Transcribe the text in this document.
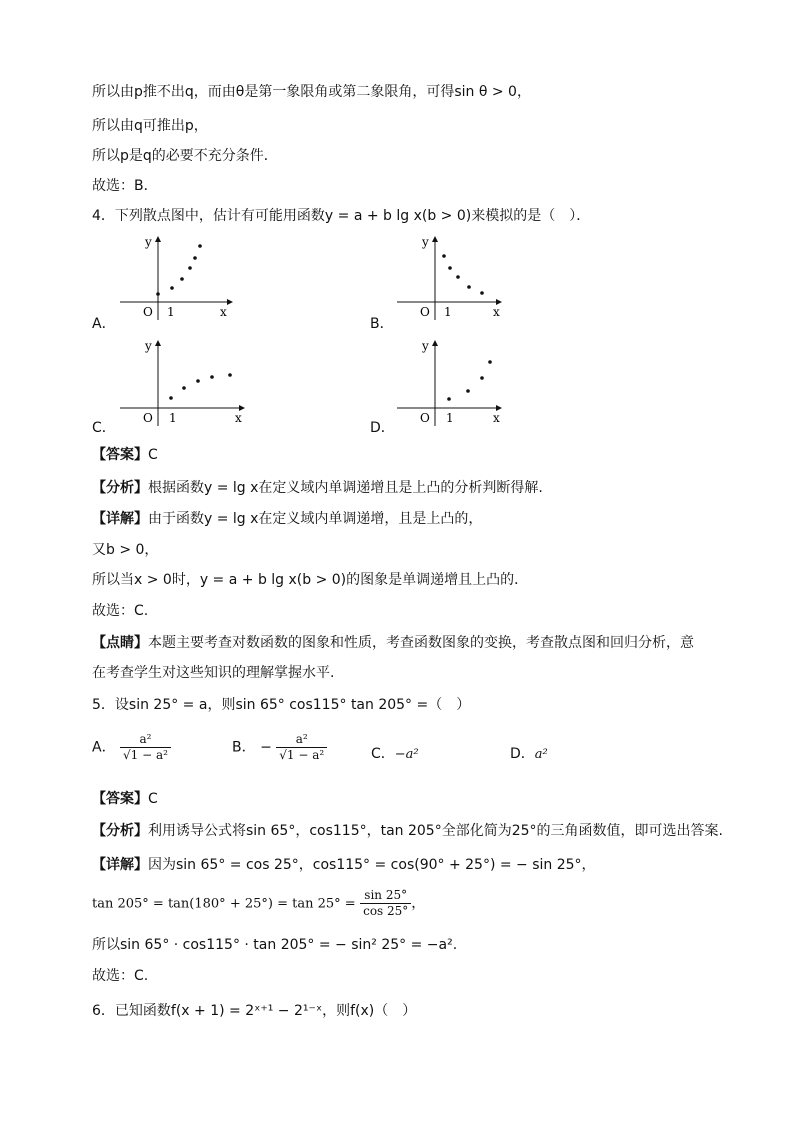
所以由p推不出q，而由θ是第一象限角或第二象限角，可得sin θ > 0，
所以由q可推出p，
所以p是q的必要不充分条件．
故选：B．
4．下列散点图中，估计有可能用函数y = a + b lg x(b > 0)来模拟的是（　）．
A．	B．
C．	D．
y
x
O 1
y
x
O 1
y
x
O 1
y
x
O 1
【答案】C
【分析】根据函数y = lg x在定义域内单调递增且是上凸的分析判断得解.
【详解】由于函数y = lg x在定义域内单调递增，且是上凸的，
又b > 0，
所以当x > 0时，y = a + b lg x(b > 0)的图象是单调递增且上凸的．
故选：C.
【点睛】本题主要考查对数函数的图象和性质，考查函数图象的变换，考查散点图和回归分析，意
在考查学生对这些知识的理解掌握水平.
5．设sin 25° = a，则sin 65° cos115° tan 205° =（　）
A． $\frac{\text{a²}}{\text{√1 − a²}}$	B． − $\frac{\text{a²}}{\text{√1 − a²}}$	C．−a²	D．a²
【答案】C
【分析】利用诱导公式将sin 65°，cos115°，tan 205°全部化简为25°的三角函数值，即可选出答案.
【详解】因为sin 65° = cos 25°，cos115° = cos(90° + 25°) = − sin 25°，
$\tan 205^\circ = \tan(180^\circ + 25^\circ) = \tan 25^\circ = \frac{\sin 25^\circ}{\cos 25^\circ}$ ，
所以sin 65° · cos115° · tan 205° = − sin² 25° = −a².
故选：C.
6．已知函数f(x + 1) = 2ˣ⁺¹ − 2¹⁻ˣ，则f(x)（　）
